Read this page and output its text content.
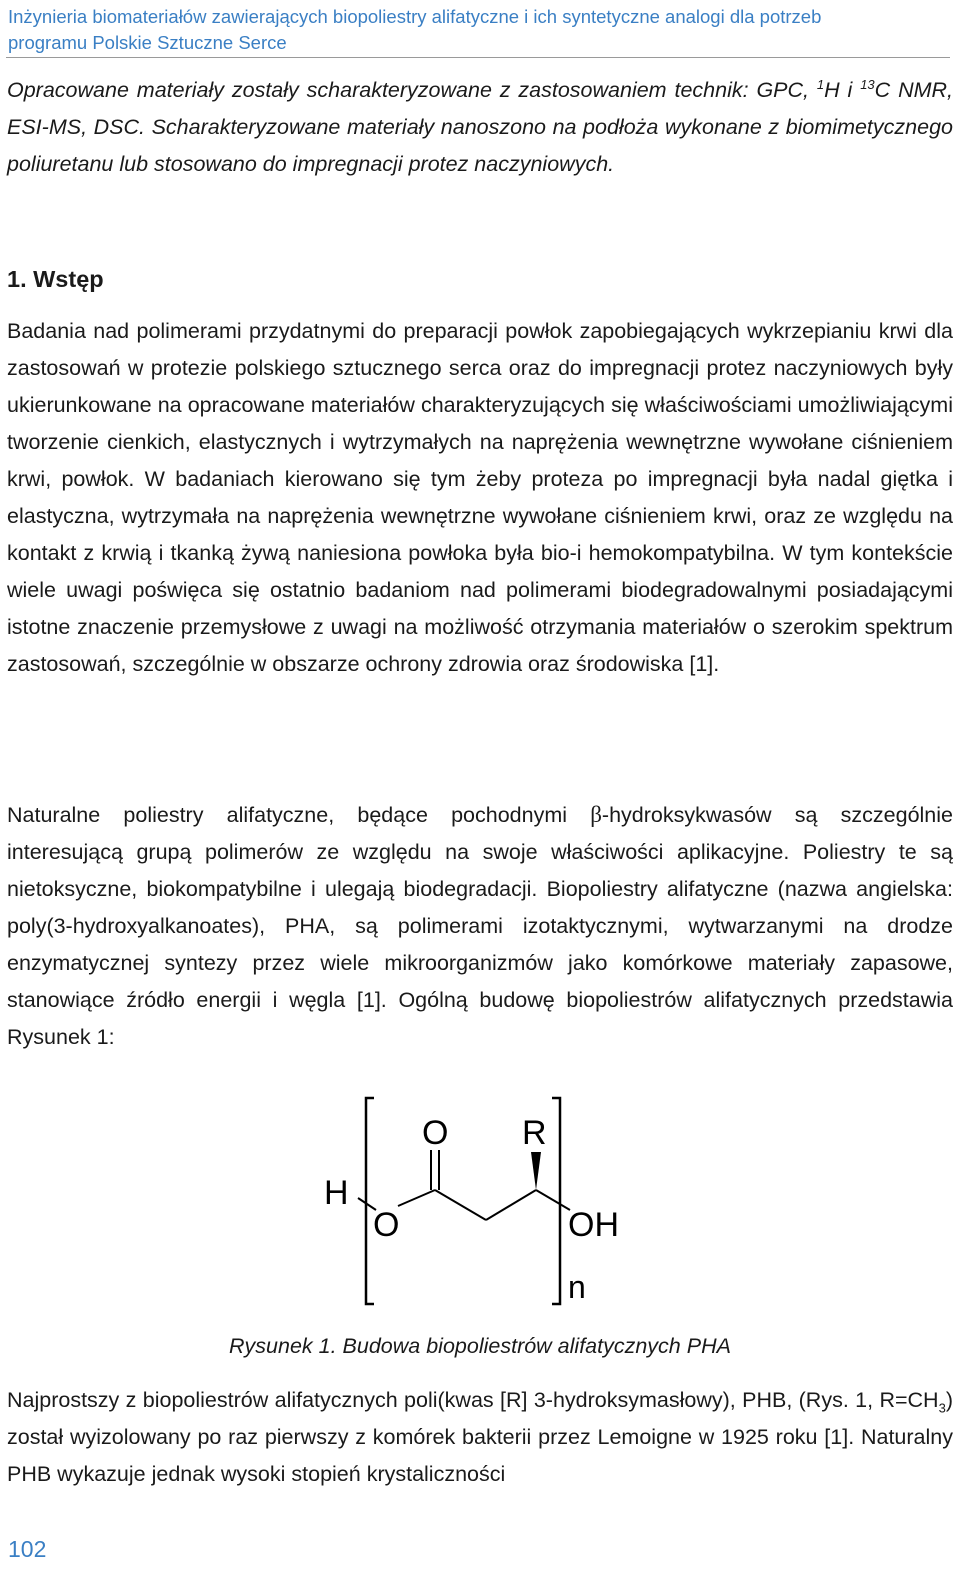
Inżynieria biomateriałów zawierających biopoliestry alifatyczne i ich syntetyczne analogi dla potrzeb
programu Polskie Sztuczne Serce

Opracowane materiały zostały scharakteryzowane z zastosowaniem technik: GPC, $^1$H i $^{13}$C NMR, ESI-MS, DSC. Scharakteryzowane materiały nanoszono na podłoża wykonane z biomimetycznego poliuretanu lub stosowano do impregnacji protez naczyniowych.

1. Wstęp

Badania nad polimerami przydatnymi do preparacji powłok zapobiegających wykrzepianiu krwi dla zastosowań w protezie polskiego sztucznego serca oraz do impregnacji protez naczyniowych były ukierunkowane na opracowane materiałów charakteryzujących się właściwościami umożliwiającymi tworzenie cienkich, elastycznych i wytrzymałych na naprężenia wewnętrzne wywołane ciśnieniem krwi, powłok. W badaniach kierowano się tym żeby proteza po impregnacji była nadal giętka i elastyczna, wytrzymała na naprężenia wewnętrzne wywołane ciśnieniem krwi, oraz ze względu na kontakt z krwią i tkanką żywą naniesiona powłoka była bio-i hemokompatybilna. W tym kontekście wiele uwagi poświęca się ostatnio badaniom nad polimerami biodegradowalnymi posiadającymi istotne znaczenie przemysłowe z uwagi na możliwość otrzymania materiałów o szerokim spektrum zastosowań, szczególnie w obszarze ochrony zdrowia oraz środowiska [1].

Naturalne poliestry alifatyczne, będące pochodnymi β-hydroksykwasów są szczególnie interesującą grupą polimerów ze względu na swoje właściwości aplikacyjne. Poliestry te są nietoksyczne, biokompatybilne i ulegają biodegradacji. Biopoliestry alifatyczne (nazwa angielska: poly(3-hydroxyalkanoates), PHA, są polimerami izotaktycznymi, wytwarzanymi na drodze enzymatycznej syntezy przez wiele mikroorganizmów jako komórkowe materiały zapasowe, stanowiące źródło energii i węgla [1]. Ogólną budowę biopoliestrów alifatycznych przedstawia Rysunek 1:

H
O R
O	OH
n
Rysunek 1. Budowa biopoliestrów alifatycznych PHA

Najprostszy z biopoliestrów alifatycznych poli(kwas [R] 3-hydroksymasłowy), PHB, (Rys. 1, $R=CH_3$) został wyizolowany po raz pierwszy z komórek bakterii przez Lemoigne w 1925 roku [1]. Naturalny PHB wykazuje jednak wysoki stopień krystaliczności

102
